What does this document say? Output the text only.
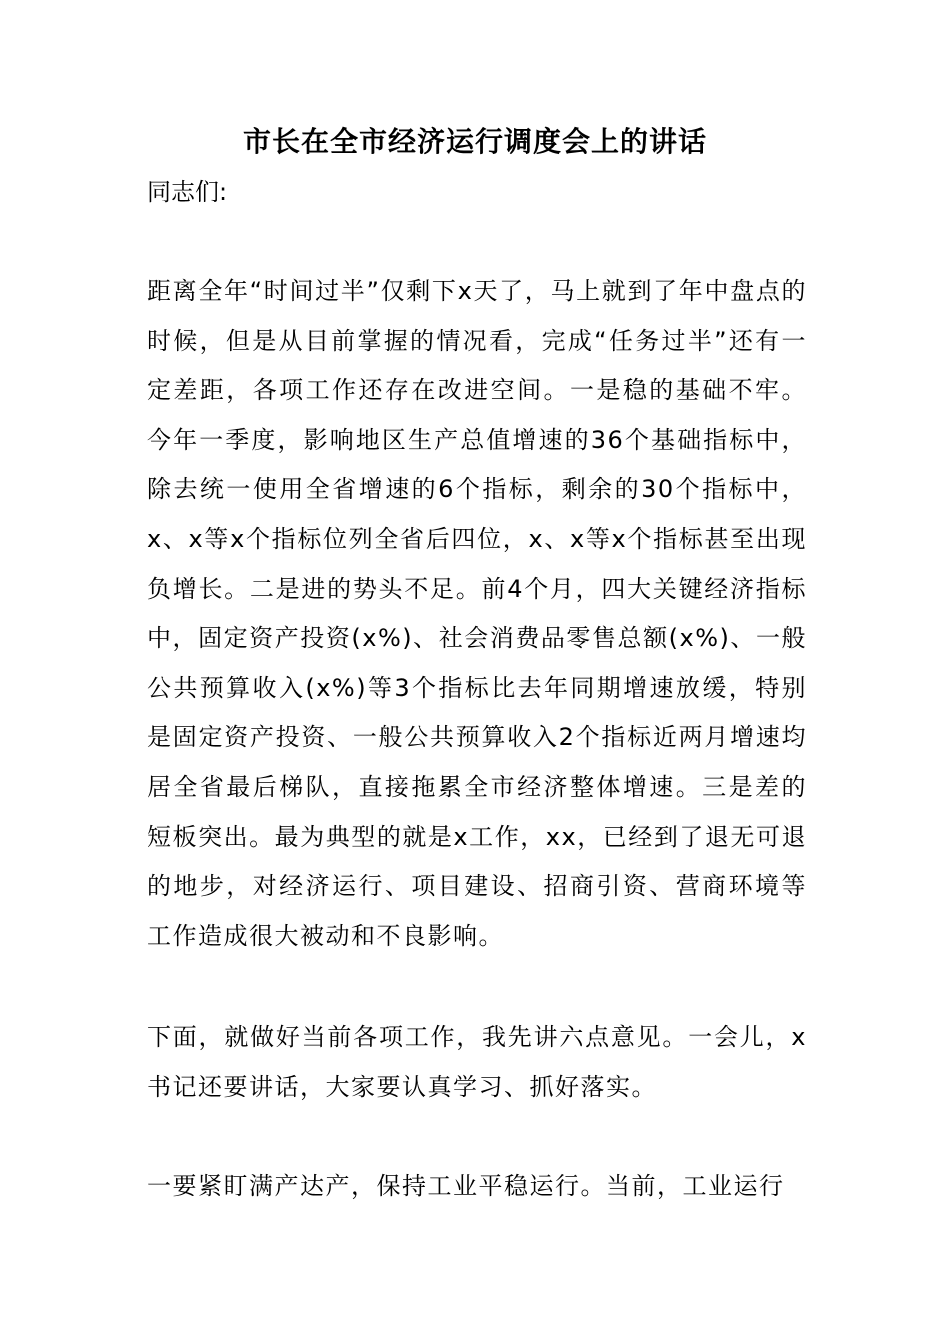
市长在全市经济运行调度会上的讲话

同志们:

距离全年“时间过半”仅剩下x天了，马上就到了年中盘点的时候，但是从目前掌握的情况看，完成“任务过半”还有一定差距，各项工作还存在改进空间。一是稳的基础不牢。今年一季度，影响地区生产总值增速的36个基础指标中，除去统一使用全省增速的6个指标，剩余的30个指标中，x、x等x个指标位列全省后四位，x、x等x个指标甚至出现负增长。二是进的势头不足。前4个月，四大关键经济指标中，固定资产投资(x%)、社会消费品零售总额(x%)、一般公共预算收入(x%)等3个指标比去年同期增速放缓，特别是固定资产投资、一般公共预算收入2个指标近两月增速均居全省最后梯队，直接拖累全市经济整体增速。三是差的短板突出。最为典型的就是x工作，xx，已经到了退无可退的地步，对经济运行、项目建设、招商引资、营商环境等工作造成很大被动和不良影响。

下面，就做好当前各项工作，我先讲六点意见。一会儿，x书记还要讲话，大家要认真学习、抓好落实。

一要紧盯满产达产，保持工业平稳运行。当前，工业运行
